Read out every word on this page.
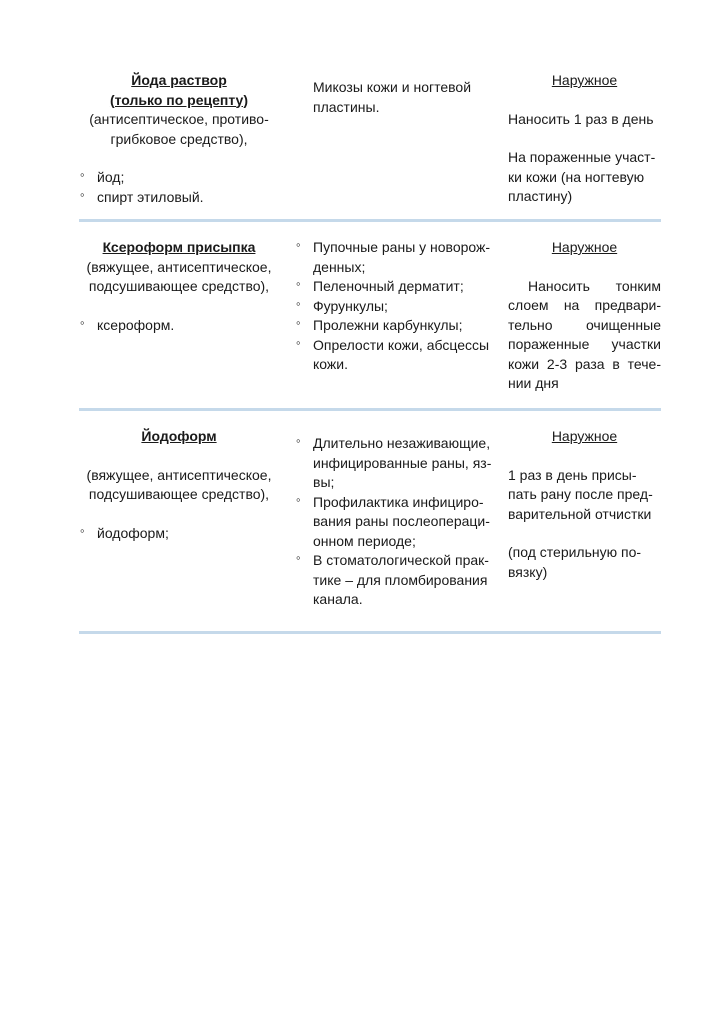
Йода раствор
(только по рецепту)
(антисептическое, противо-
грибковое средство),
◦ йод;
◦ спирт этиловый.
Микозы кожи и ногтевой
пластины.
Наружное
Наносить 1 раз в день
На пораженные участ-
ки кожи (на ногтевую
пластину)
Ксероформ присыпка
(вяжущее, антисептическое,
подсушивающее средство),
◦ ксероформ.
◦ Пупочные раны у новорож-
денных;
◦ Пеленочный дерматит;
◦ Фурункулы;
◦ Пролежни карбункулы;
◦ Опрелости кожи, абсцессы
кожи.
Наружное
Наносить тонким
слоем на предвари-
тельно очищенные
пораженные участки
кожи 2-3 раза в тече-
нии дня
Йодоформ
(вяжущее, антисептическое,
подсушивающее средство),
◦ йодоформ;
◦ Длительно незаживающие,
инфицированные раны, яз-
вы;
◦ Профилактика инфициро-
вания раны послеопераци-
онном периоде;
◦ В стоматологической прак-
тике – для пломбирования
канала.
Наружное
1 раз в день присы-
пать рану после пред-
варительной отчистки
(под стерильную по-
вязку)
